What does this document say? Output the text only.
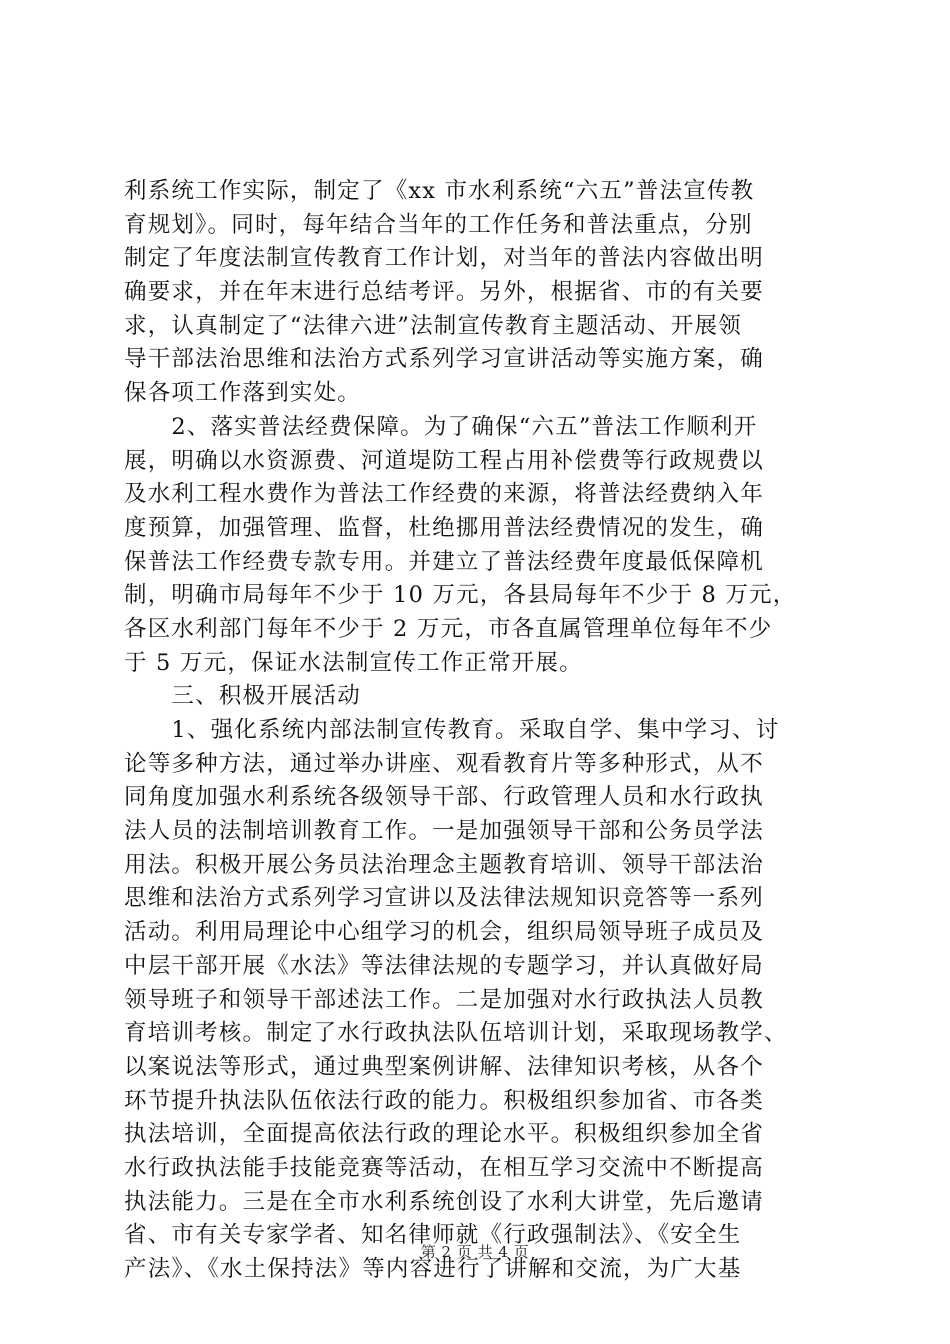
利系统工作实际，制定了《xx 市水利系统“六五”普法宣传教
育规划》。同时，每年结合当年的工作任务和普法重点，分别
制定了年度法制宣传教育工作计划，对当年的普法内容做出明
确要求，并在年末进行总结考评。另外，根据省、市的有关要
求，认真制定了“法律六进”法制宣传教育主题活动、开展领
导干部法治思维和法治方式系列学习宣讲活动等实施方案，确
保各项工作落到实处。
　　2、落实普法经费保障。为了确保“六五”普法工作顺利开
展，明确以水资源费、河道堤防工程占用补偿费等行政规费以
及水利工程水费作为普法工作经费的来源，将普法经费纳入年
度预算，加强管理、监督，杜绝挪用普法经费情况的发生，确
保普法工作经费专款专用。并建立了普法经费年度最低保障机
制，明确市局每年不少于 10 万元，各县局每年不少于 8 万元，
各区水利部门每年不少于 2 万元，市各直属管理单位每年不少
于 5 万元，保证水法制宣传工作正常开展。
　　三、积极开展活动
　　1、强化系统内部法制宣传教育。采取自学、集中学习、讨
论等多种方法，通过举办讲座、观看教育片等多种形式，从不
同角度加强水利系统各级领导干部、行政管理人员和水行政执
法人员的法制培训教育工作。一是加强领导干部和公务员学法
用法。积极开展公务员法治理念主题教育培训、领导干部法治
思维和法治方式系列学习宣讲以及法律法规知识竞答等一系列
活动。利用局理论中心组学习的机会，组织局领导班子成员及
中层干部开展《水法》等法律法规的专题学习，并认真做好局
领导班子和领导干部述法工作。二是加强对水行政执法人员教
育培训考核。制定了水行政执法队伍培训计划，采取现场教学、
以案说法等形式，通过典型案例讲解、法律知识考核，从各个
环节提升执法队伍依法行政的能力。积极组织参加省、市各类
执法培训，全面提高依法行政的理论水平。积极组织参加全省
水行政执法能手技能竞赛等活动，在相互学习交流中不断提高
执法能力。三是在全市水利系统创设了水利大讲堂，先后邀请
省、市有关专家学者、知名律师就《行政强制法》、《安全生
产法》、《水土保持法》等内容进行了讲解和交流，为广大基
第 2 页 共 4 页
